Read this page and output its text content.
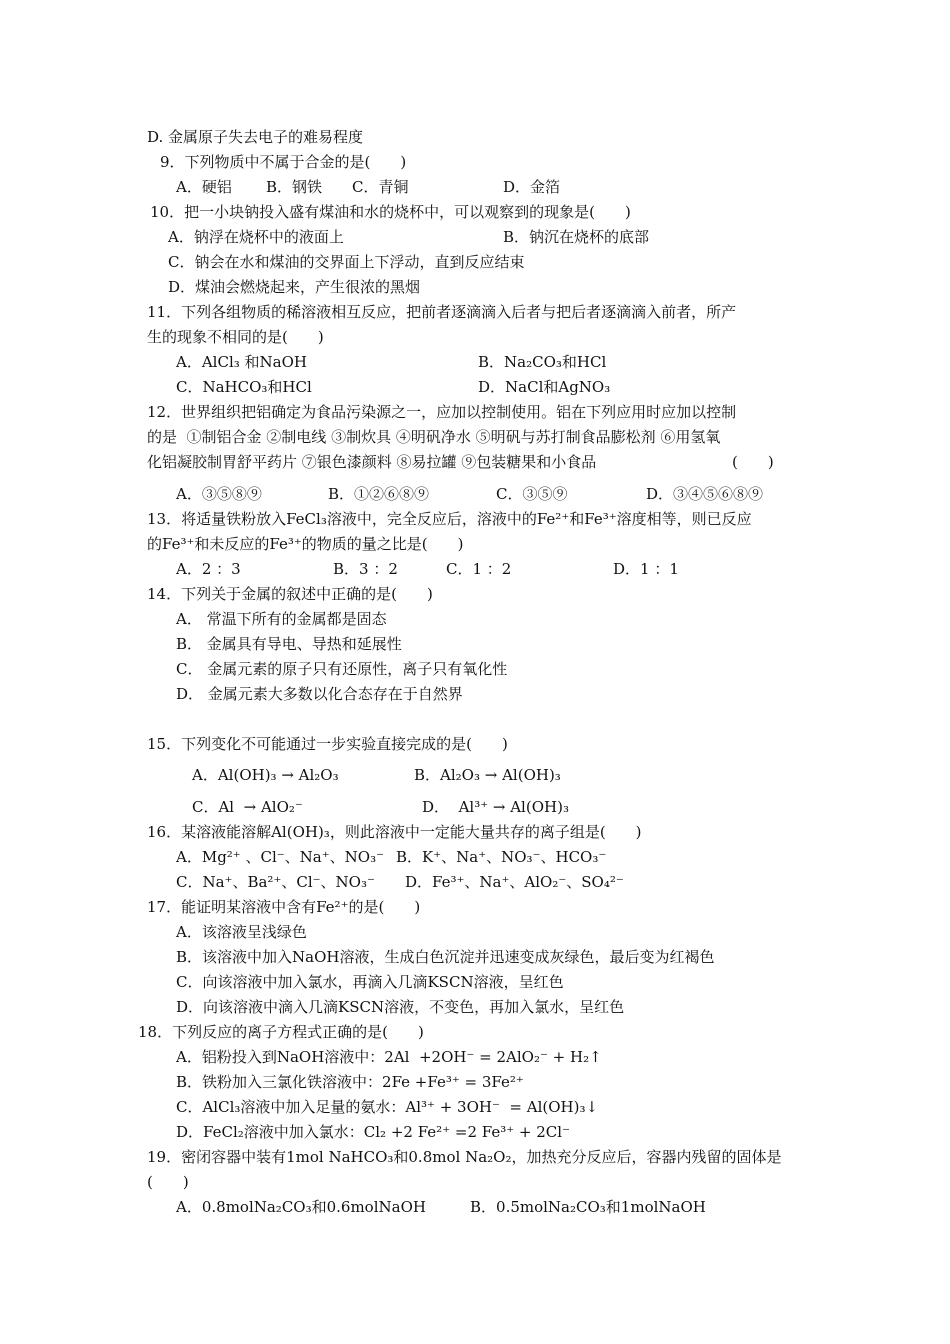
D. 金属原子失去电子的难易程度
9．下列物质中不属于合金的是(　　)
A．硬铝 B．钢铁 C．青铜	D．金箔
10．把一小块钠投入盛有煤油和水的烧杯中，可以观察到的现象是(　　)
A．钠浮在烧杯中的液面上	B．钠沉在烧杯的底部
C．钠会在水和煤油的交界面上下浮动，直到反应结束
D．煤油会燃烧起来，产生很浓的黑烟
11．下列各组物质的稀溶液相互反应，把前者逐滴滴入后者与把后者逐滴滴入前者，所产
生的现象不相同的是(　　)
A．AlCl₃ 和NaOH	B．Na₂CO₃和HCl
C．NaHCO₃和HCl	D．NaCl和AgNO₃
12．世界组织把铝确定为食品污染源之一，应加以控制使用。铝在下列应用时应加以控制
的是  ①制铝合金 ②制电线 ③制炊具 ④明矾净水 ⑤明矾与苏打制食品膨松剂 ⑥用氢氧
化铝凝胶制胃舒平药片 ⑦银色漆颜料 ⑧易拉罐 ⑨包装糖果和小食品	(　　)
A．③⑤⑧⑨	B．①②⑥⑧⑨	C．③⑤⑨	D．③④⑤⑥⑧⑨
13．将适量铁粉放入FeCl₃溶液中，完全反应后，溶液中的Fe²⁺和Fe³⁺溶度相等，则已反应
的Fe³⁺和未反应的Fe³⁺的物质的量之比是(　　)
A．2 ：3	B．3 ：2	C．1 ：2	D．1 ：1
14．下列关于金属的叙述中正确的是(　　)
A． 常温下所有的金属都是固态
B． 金属具有导电、导热和延展性
C． 金属元素的原子只有还原性，离子只有氧化性
D． 金属元素大多数以化合态存在于自然界
15．下列变化不可能通过一步实验直接完成的是(　　)
A．Al(OH)₃ → Al₂O₃	B．Al₂O₃ → Al(OH)₃
C．Al  → AlO₂⁻	D．  Al³⁺ → Al(OH)₃
16．某溶液能溶解Al(OH)₃，则此溶液中一定能大量共存的离子组是(　　)
A．Mg²⁺ 、Cl⁻、Na⁺、NO₃⁻ B．K⁺、Na⁺、NO₃⁻、HCO₃⁻
C．Na⁺、Ba²⁺、Cl⁻、NO₃⁻ D．Fe³⁺、Na⁺、AlO₂⁻、SO₄²⁻
17．能证明某溶液中含有Fe²⁺的是(　　)
A．该溶液呈浅绿色
B．该溶液中加入NaOH溶液，生成白色沉淀并迅速变成灰绿色，最后变为红褐色
C．向该溶液中加入氯水，再滴入几滴KSCN溶液，呈红色
D．向该溶液中滴入几滴KSCN溶液，不变色，再加入氯水，呈红色
18．下列反应的离子方程式正确的是(　　)
A．铝粉投入到NaOH溶液中：2Al  +2OH⁻ = 2AlO₂⁻ + H₂↑
B．铁粉加入三氯化铁溶液中：2Fe +Fe³⁺ = 3Fe²⁺
C．AlCl₃溶液中加入足量的氨水：Al³⁺ + 3OH⁻  = Al(OH)₃↓
D．FeCl₂溶液中加入氯水：Cl₂ +2 Fe²⁺ =2 Fe³⁺ + 2Cl⁻
19．密闭容器中装有1mol NaHCO₃和0.8mol Na₂O₂，加热充分反应后，容器内残留的固体是
(　　)
A．0.8molNa₂CO₃和0.6molNaOH	B．0.5molNa₂CO₃和1molNaOH
